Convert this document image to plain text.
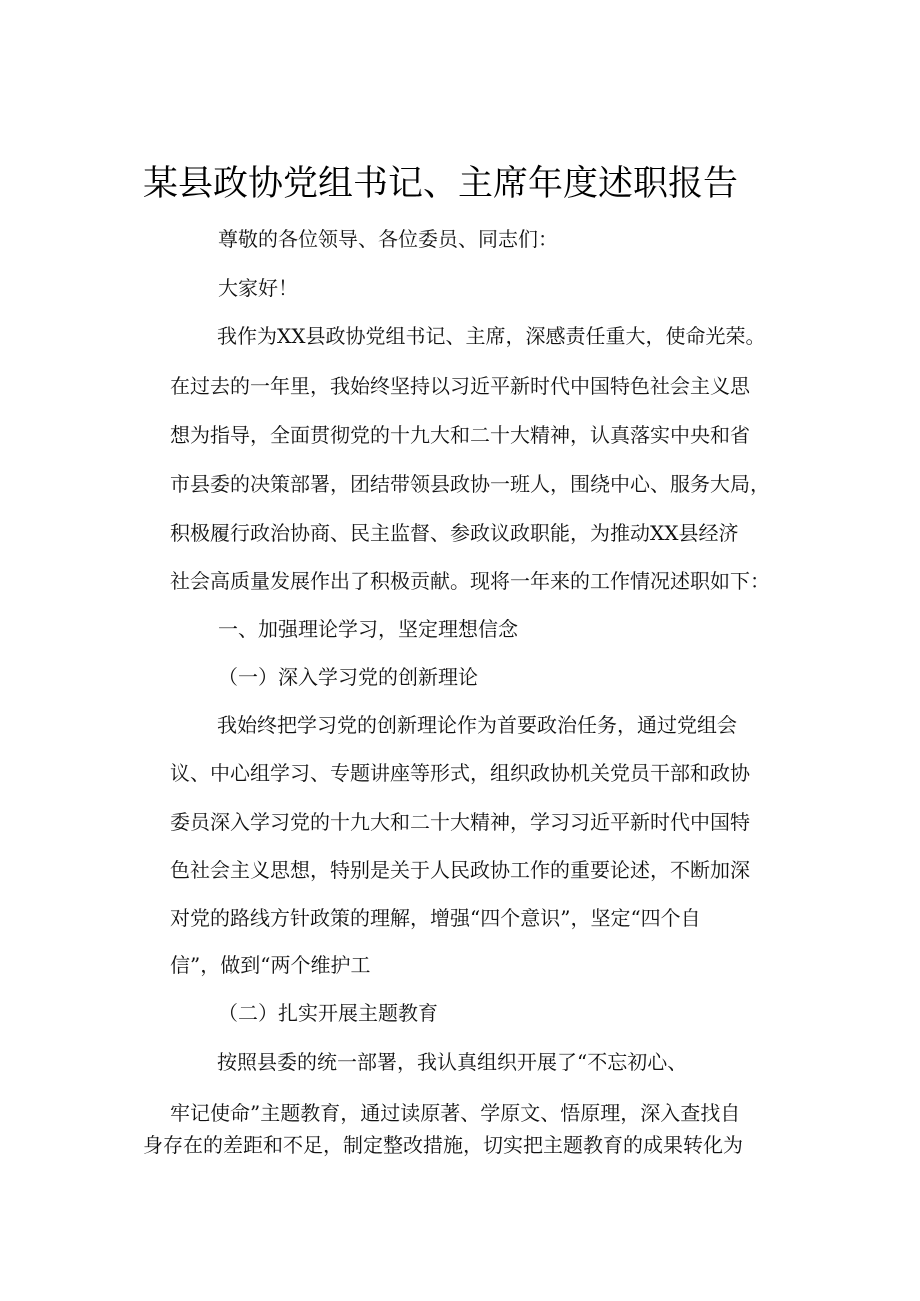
某县政协党组书记、主席年度述职报告
尊敬的各位领导、各位委员、同志们：
大家好！
我作为XX县政协党组书记、主席，深感责任重大，使命光荣。
在过去的一年里，我始终坚持以习近平新时代中国特色社会主义思
想为指导，全面贯彻党的十九大和二十大精神，认真落实中央和省
市县委的决策部署，团结带领县政协一班人，围绕中心、服务大局，
积极履行政治协商、民主监督、参政议政职能，为推动XX县经济
社会高质量发展作出了积极贡献。现将一年来的工作情况述职如下：
一、加强理论学习，坚定理想信念
（一）深入学习党的创新理论
我始终把学习党的创新理论作为首要政治任务，通过党组会
议、中心组学习、专题讲座等形式，组织政协机关党员干部和政协
委员深入学习党的十九大和二十大精神，学习习近平新时代中国特
色社会主义思想，特别是关于人民政协工作的重要论述，不断加深
对党的路线方针政策的理解，增强“四个意识”，坚定“四个自
信”，做到“两个维护工
（二）扎实开展主题教育
按照县委的统一部署，我认真组织开展了“不忘初心、
牢记使命”主题教育，通过读原著、学原文、悟原理，深入查找自
身存在的差距和不足，制定整改措施，切实把主题教育的成果转化为
